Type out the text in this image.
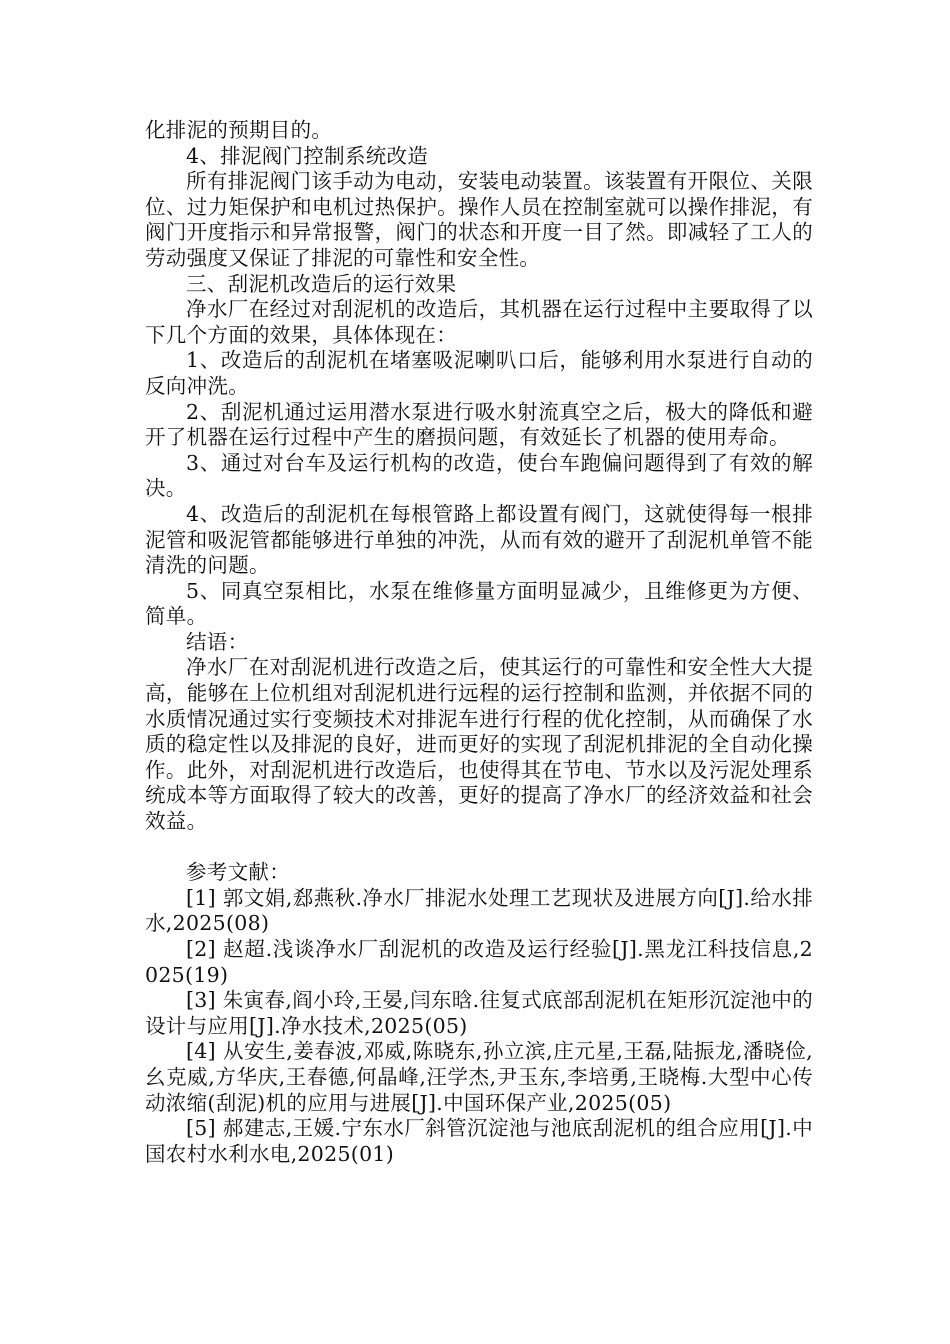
化排泥的预期目的。

4、排泥阀门控制系统改造

所有排泥阀门该手动为电动，安装电动装置。该装置有开限位、关限位、过力矩保护和电机过热保护。操作人员在控制室就可以操作排泥，有阀门开度指示和异常报警，阀门的状态和开度一目了然。即减轻了工人的劳动强度又保证了排泥的可靠性和安全性。

三、刮泥机改造后的运行效果

净水厂在经过对刮泥机的改造后，其机器在运行过程中主要取得了以下几个方面的效果，具体体现在：

1、改造后的刮泥机在堵塞吸泥喇叭口后，能够利用水泵进行自动的反向冲洗。

2、刮泥机通过运用潜水泵进行吸水射流真空之后，极大的降低和避开了机器在运行过程中产生的磨损问题，有效延长了机器的使用寿命。

3、通过对台车及运行机构的改造，使台车跑偏问题得到了有效的解决。

4、改造后的刮泥机在每根管路上都设置有阀门，这就使得每一根排泥管和吸泥管都能够进行单独的冲洗，从而有效的避开了刮泥机单管不能清洗的问题。

5、同真空泵相比，水泵在维修量方面明显减少，且维修更为方便、简单。

结语：

净水厂在对刮泥机进行改造之后，使其运行的可靠性和安全性大大提高，能够在上位机组对刮泥机进行远程的运行控制和监测，并依据不同的水质情况通过实行变频技术对排泥车进行行程的优化控制，从而确保了水质的稳定性以及排泥的良好，进而更好的实现了刮泥机排泥的全自动化操作。此外，对刮泥机进行改造后，也使得其在节电、节水以及污泥处理系统成本等方面取得了较大的改善，更好的提高了净水厂的经济效益和社会效益。

参考文献：

[1] 郭文娟,郄燕秋.净水厂排泥水处理工艺现状及进展方向[J].给水排水,2025(08)

[2] 赵超.浅谈净水厂刮泥机的改造及运行经验[J].黑龙江科技信息,2025(19)

[3] 朱寅春,阎小玲,王晏,闫东晗.往复式底部刮泥机在矩形沉淀池中的设计与应用[J].净水技术,2025(05)

[4] 从安生,姜春波,邓威,陈晓东,孙立滨,庄元星,王磊,陆振龙,潘晓俭,幺克威,方华庆,王春德,何晶峰,汪学杰,尹玉东,李培勇,王晓梅.大型中心传动浓缩(刮泥)机的应用与进展[J].中国环保产业,2025(05)

[5] 郝建志,王媛.宁东水厂斜管沉淀池与池底刮泥机的组合应用[J].中国农村水利水电,2025(01)
